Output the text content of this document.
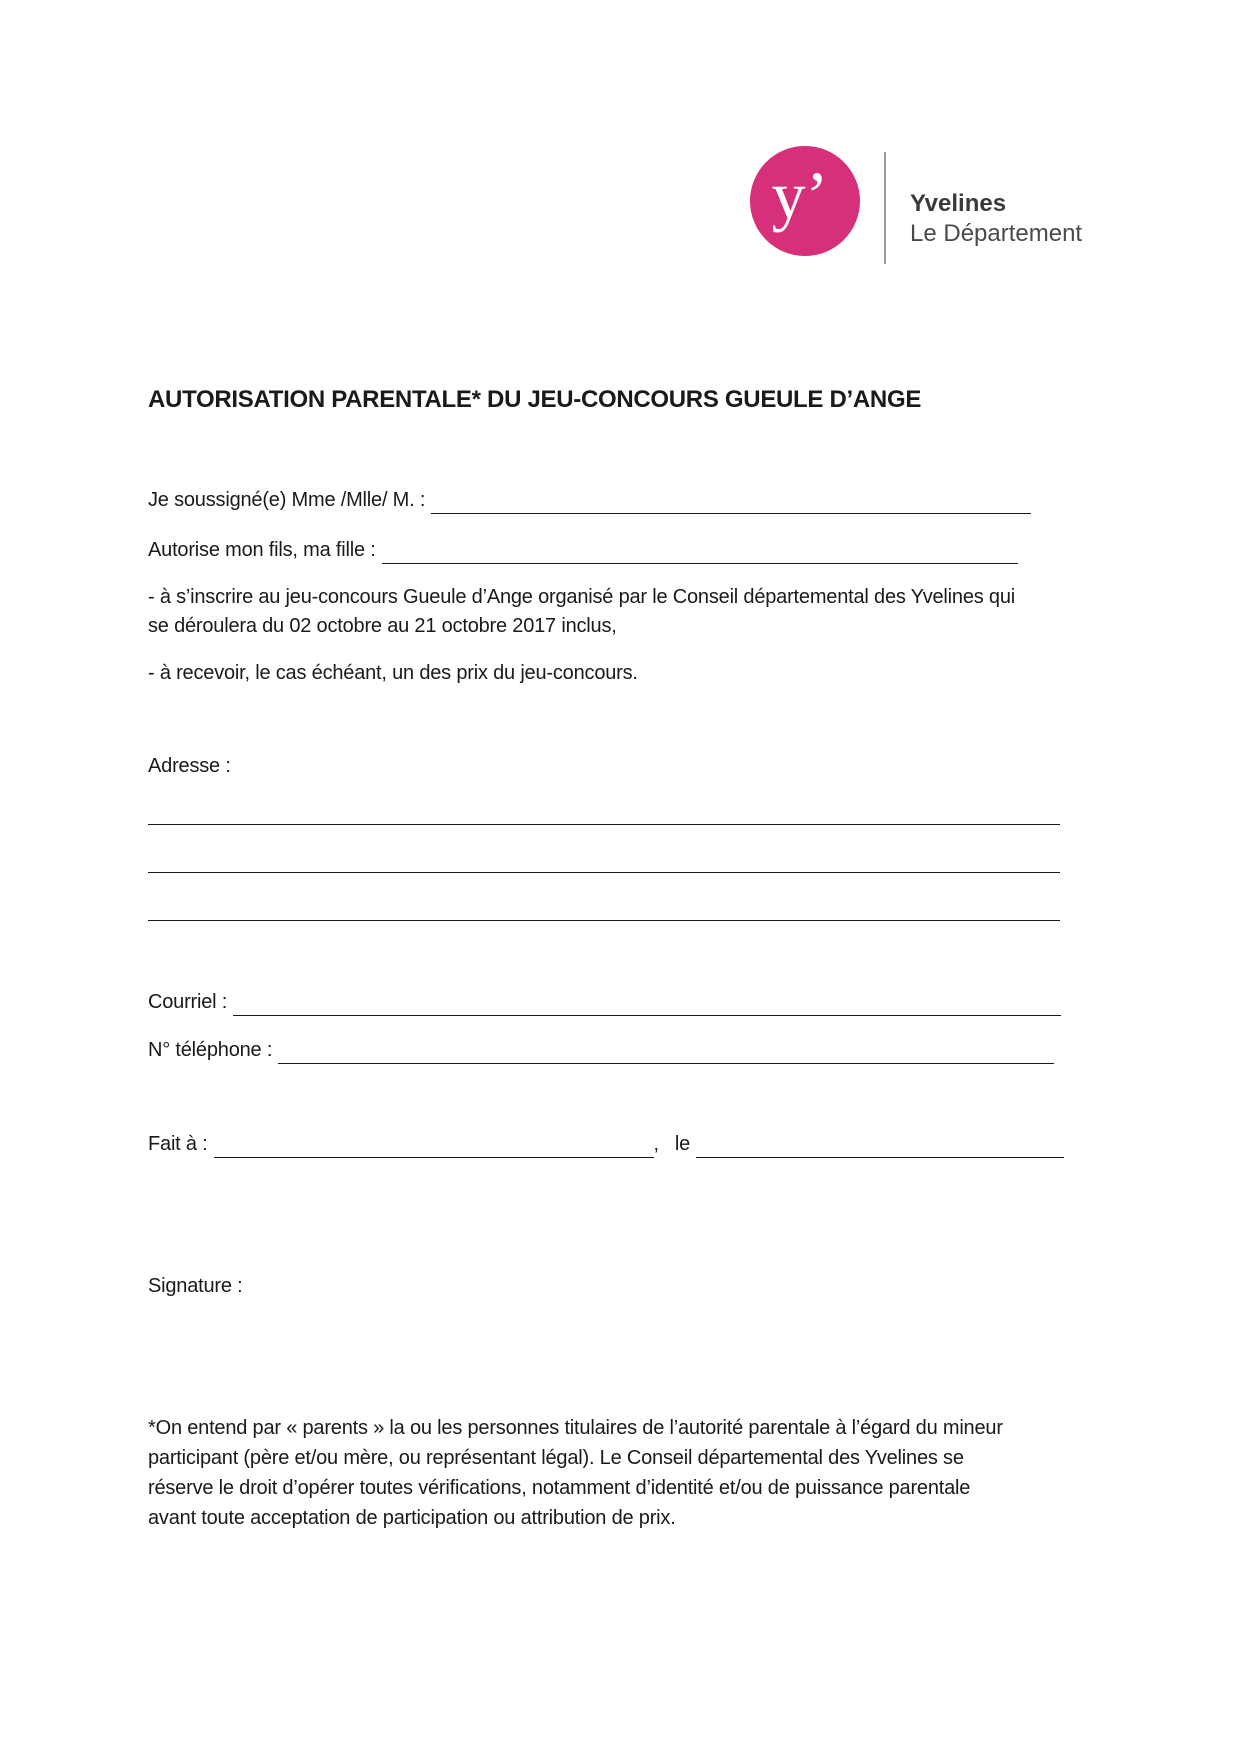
y’	Yvelines
Le Département
AUTORISATION PARENTALE* DU JEU-CONCOURS GUEULE D’ANGE
Je soussigné(e) Mme /Mlle/ M. :
Autorise mon fils, ma fille :
- à s’inscrire au jeu-concours Gueule d’Ange organisé par le Conseil départemental des Yvelines qui
se déroulera du 02 octobre au 21 octobre 2017 inclus,
- à recevoir, le cas échéant, un des prix du jeu-concours.
Adresse :
Courriel :
N° téléphone :
Fait à :	, le
Signature :
*On entend par « parents » la ou les personnes titulaires de l’autorité parentale à l’égard du mineur
participant (père et/ou mère, ou représentant légal). Le Conseil départemental des Yvelines se
réserve le droit d’opérer toutes vérifications, notamment d’identité et/ou de puissance parentale
avant toute acceptation de participation ou attribution de prix.
